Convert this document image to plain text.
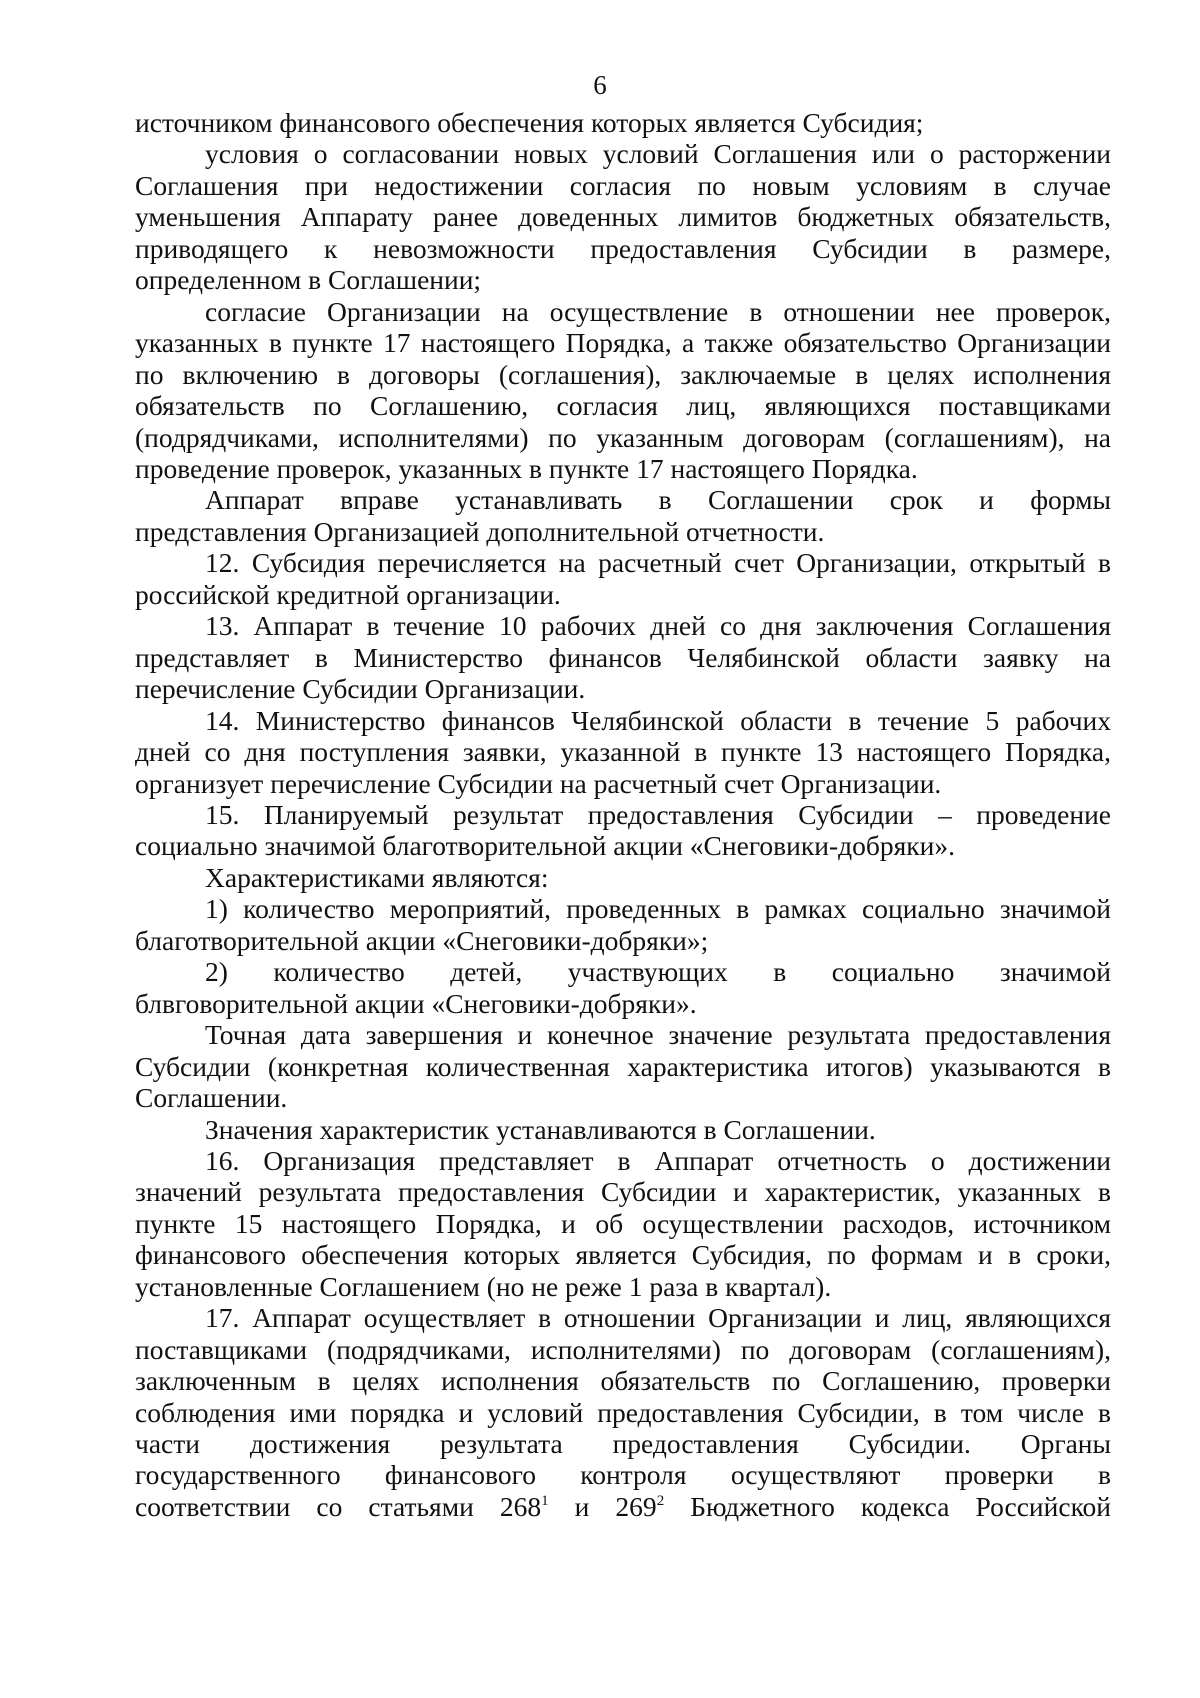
6

источником финансового обеспечения которых является Субсидия;

условия о согласовании новых условий Соглашения или о расторжении
Соглашения при недостижении согласия по новым условиям в случае
уменьшения Аппарату ранее доведенных лимитов бюджетных обязательств,
приводящего к невозможности предоставления Субсидии в размере,
определенном в Соглашении;

согласие Организации на осуществление в отношении нее проверок,
указанных в пункте 17 настоящего Порядка, а также обязательство Организации
по включению в договоры (соглашения), заключаемые в целях исполнения
обязательств по Соглашению, согласия лиц, являющихся поставщиками
(подрядчиками, исполнителями) по указанным договорам (соглашениям), на
проведение проверок, указанных в пункте 17 настоящего Порядка.

Аппарат вправе устанавливать в Соглашении срок и формы
представления Организацией дополнительной отчетности.

12. Субсидия перечисляется на расчетный счет Организации, открытый в
российской кредитной организации.

13. Аппарат в течение 10 рабочих дней со дня заключения Соглашения
представляет в Министерство финансов Челябинской области заявку на
перечисление Субсидии Организации.

14. Министерство финансов Челябинской области в течение 5 рабочих
дней со дня поступления заявки, указанной в пункте 13 настоящего Порядка,
организует перечисление Субсидии на расчетный счет Организации.

15. Планируемый результат предоставления Субсидии – проведение
социально значимой благотворительной акции «Снеговики-добряки».

Характеристиками являются:

1) количество мероприятий, проведенных в рамках социально значимой
благотворительной акции «Снеговики-добряки»;

2) количество детей, участвующих в социально значимой
блвговорительной акции «Снеговики-добряки».

Точная дата завершения и конечное значение результата предоставления
Субсидии (конкретная количественная характеристика итогов) указываются в
Соглашении.

Значения характеристик устанавливаются в Соглашении.

16. Организация представляет в Аппарат отчетность о достижении
значений результата предоставления Субсидии и характеристик, указанных в
пункте 15 настоящего Порядка, и об осуществлении расходов, источником
финансового обеспечения которых является Субсидия, по формам и в сроки,
установленные Соглашением (но не реже 1 раза в квартал).

17. Аппарат осуществляет в отношении Организации и лиц, являющихся
поставщиками (подрядчиками, исполнителями) по договорам (соглашениям),
заключенным в целях исполнения обязательств по Соглашению, проверки
соблюдения ими порядка и условий предоставления Субсидии, в том числе в
части достижения результата предоставления Субсидии. Органы
государственного финансового контроля осуществляют проверки в
соответствии со статьями $268^1$ и $269^2$ Бюджетного кодекса Российской
